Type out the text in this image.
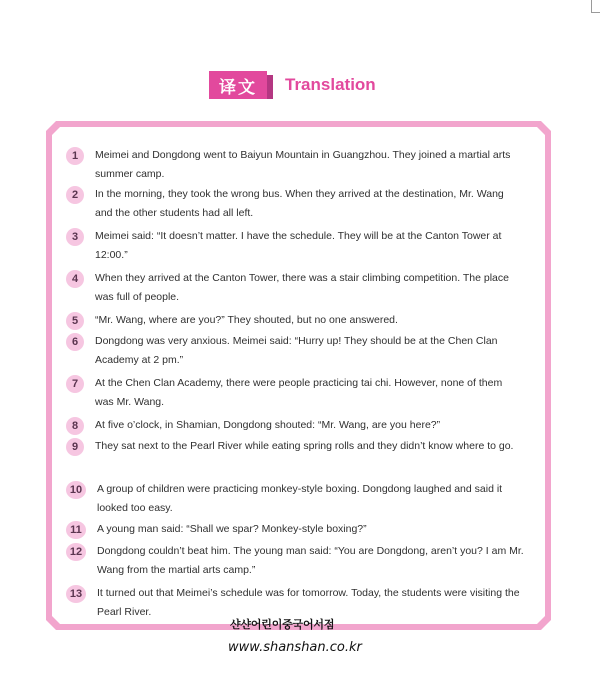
译文	Translation
1	Meimei and Dongdong went to Baiyun Mountain in Guangzhou. They joined a martial arts summer camp.
2	In the morning, they took the wrong bus. When they arrived at the destination, Mr. Wang and the other students had all left.
3	Meimei said: “It doesn’t matter. I have the schedule. They will be at the Canton Tower at 12:00.”
4	When they arrived at the Canton Tower, there was a stair climbing competition. The place was full of people.
5	“Mr. Wang, where are you?” They shouted, but no one answered.
6	Dongdong was very anxious. Meimei said: “Hurry up! They should be at the Chen Clan Academy at 2 pm.”
7	At the Chen Clan Academy, there were people practicing tai chi. However, none of them was Mr. Wang.
8	At five o’clock, in Shamian, Dongdong shouted: “Mr. Wang, are you here?”
9	They sat next to the Pearl River while eating spring rolls and they didn’t know where to go.
10	A group of children were practicing monkey-style boxing. Dongdong laughed and said it looked too easy.
11	A young man said: “Shall we spar? Monkey-style boxing?”
12	Dongdong couldn’t beat him. The young man said: “You are Dongdong, aren’t you? I am Mr. Wang from the martial arts camp.”
13	It turned out that Meimei’s schedule was for tomorrow. Today, the students were visiting the Pearl River.
샨샨어린이중국어서점
www.shanshan.co.kr
